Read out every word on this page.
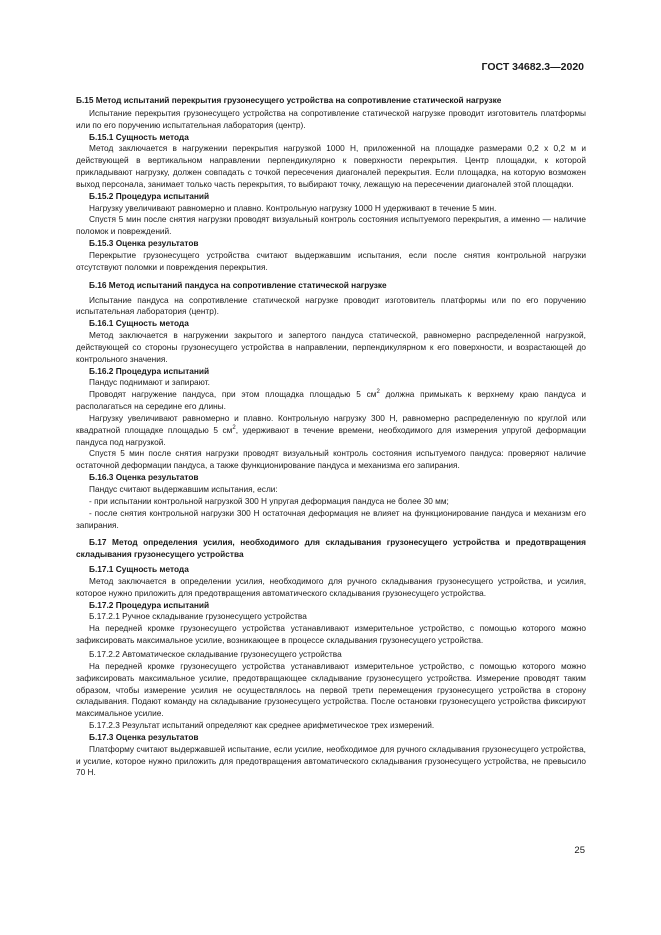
ГОСТ 34682.3—2020

Б.15 Метод испытаний перекрытия грузонесущего устройства на сопротивление статической нагрузке

Испытание перекрытия грузонесущего устройства на сопротивление статической нагрузке проводит изготовитель платформы или по его поручению испытательная лаборатория (центр).

Б.15.1 Сущность метода

Метод заключается в нагружении перекрытия нагрузкой 1000 Н, приложенной на площадке размерами 0,2 х 0,2 м и действующей в вертикальном направлении перпендикулярно к поверхности перекрытия. Центр площадки, к которой прикладывают нагрузку, должен совпадать с точкой пересечения диагоналей перекрытия. Если площадка, на которую возможен выход персонала, занимает только часть перекрытия, то выбирают точку, лежащую на пересечении диагоналей этой площадки.

Б.15.2 Процедура испытаний

Нагрузку увеличивают равномерно и плавно. Контрольную нагрузку 1000 Н удерживают в течение 5 мин.

Спустя 5 мин после снятия нагрузки проводят визуальный контроль состояния испытуемого перекрытия, а именно — наличие поломок и повреждений.

Б.15.3 Оценка результатов

Перекрытие грузонесущего устройства считают выдержавшим испытания, если после снятия контрольной нагрузки отсутствуют поломки и повреждения перекрытия.

Б.16 Метод испытаний пандуса на сопротивление статической нагрузке

Испытание пандуса на сопротивление статической нагрузке проводит изготовитель платформы или по его поручению испытательная лаборатория (центр).

Б.16.1 Сущность метода

Метод заключается в нагружении закрытого и запертого пандуса статической, равномерно распределенной нагрузкой, действующей со стороны грузонесущего устройства в направлении, перпендикулярном к его поверхности, и возрастающей до контрольного значения.

Б.16.2 Процедура испытаний

Пандус поднимают и запирают.

Проводят нагружение пандуса, при этом площадка площадью 5 $см^2$ должна примыкать к верхнему краю пандуса и располагаться на середине его длины.

Нагрузку увеличивают равномерно и плавно. Контрольную нагрузку 300 Н, равномерно распределенную по круглой или квадратной площадке площадью 5 $см^2$, удерживают в течение времени, необходимого для измерения упругой деформации пандуса под нагрузкой.

Спустя 5 мин после снятия нагрузки проводят визуальный контроль состояния испытуемого пандуса: проверяют наличие остаточной деформации пандуса, а также функционирование пандуса и механизма его запирания.

Б.16.3 Оценка результатов

Пандус считают выдержавшим испытания, если:

- при испытании контрольной нагрузкой 300 Н упругая деформация пандуса не более 30 мм;

- после снятия контрольной нагрузки 300 Н остаточная деформация не влияет на функционирование пандуса и механизм его запирания.

Б.17 Метод определения усилия, необходимого для складывания грузонесущего устройства и предотвращения складывания грузонесущего устройства

Б.17.1 Сущность метода

Метод заключается в определении усилия, необходимого для ручного складывания грузонесущего устройства, и усилия, которое нужно приложить для предотвращения автоматического складывания грузонесущего устройства.

Б.17.2 Процедура испытаний

Б.17.2.1 Ручное складывание грузонесущего устройства

На передней кромке грузонесущего устройства устанавливают измерительное устройство, с помощью которого можно зафиксировать максимальное усилие, возникающее в процессе складывания грузонесущего устройства.

Б.17.2.2 Автоматическое складывание грузонесущего устройства

На передней кромке грузонесущего устройства устанавливают измерительное устройство, с помощью которого можно зафиксировать максимальное усилие, предотвращающее складывание грузонесущего устройства. Измерение проводят таким образом, чтобы измерение усилия не осуществлялось на первой трети перемещения грузонесущего устройства в сторону складывания. Подают команду на складывание грузонесущего устройства. После остановки грузонесущего устройства фиксируют максимальное усилие.

Б.17.2.3 Результат испытаний определяют как среднее арифметическое трех измерений.

Б.17.3 Оценка результатов

Платформу считают выдержавшей испытание, если усилие, необходимое для ручного складывания грузонесущего устройства, и усилие, которое нужно приложить для предотвращения автоматического складывания грузонесущего устройства, не превысило 70 Н.

25
